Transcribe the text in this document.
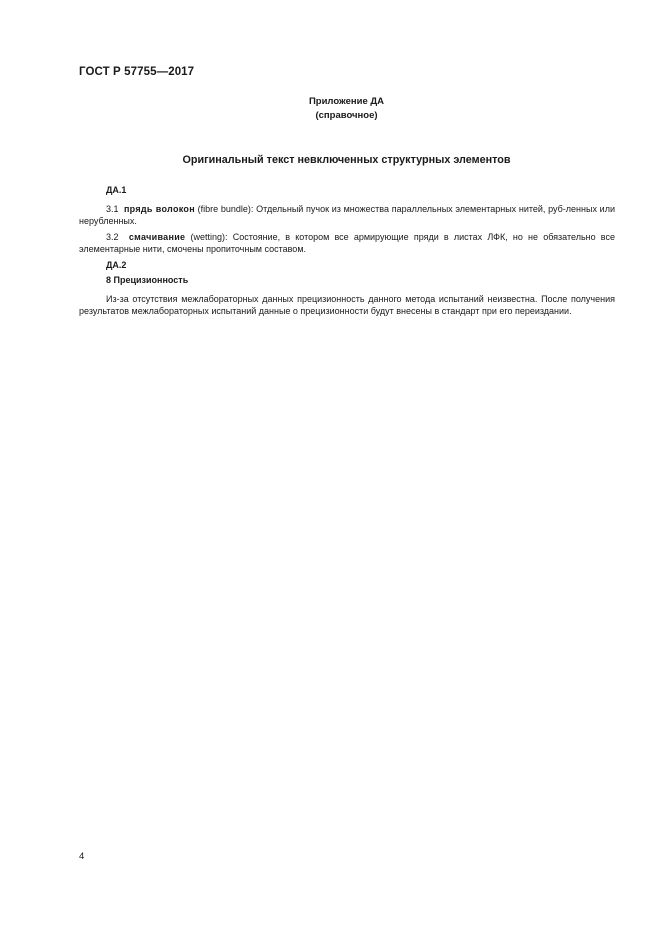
ГОСТ Р 57755—2017
Приложение ДА
(справочное)
Оригинальный текст невключенных структурных элементов
ДА.1

3.1 прядь волокон (fibre bundle): Отдельный пучок из множества параллельных элементарных нитей, руб-ленных или нерубленных.

3.2 смачивание (wetting): Состояние, в котором все армирующие пряди в листах ЛФК, но не обязательно все элементарные нити, смочены пропиточным составом.

ДА.2
8 Прецизионность

Из-за отсутствия межлабораторных данных прецизионность данного метода испытаний неизвестна. После получения результатов межлабораторных испытаний данные о прецизионности будут внесены в стандарт при его переиздании.

4
